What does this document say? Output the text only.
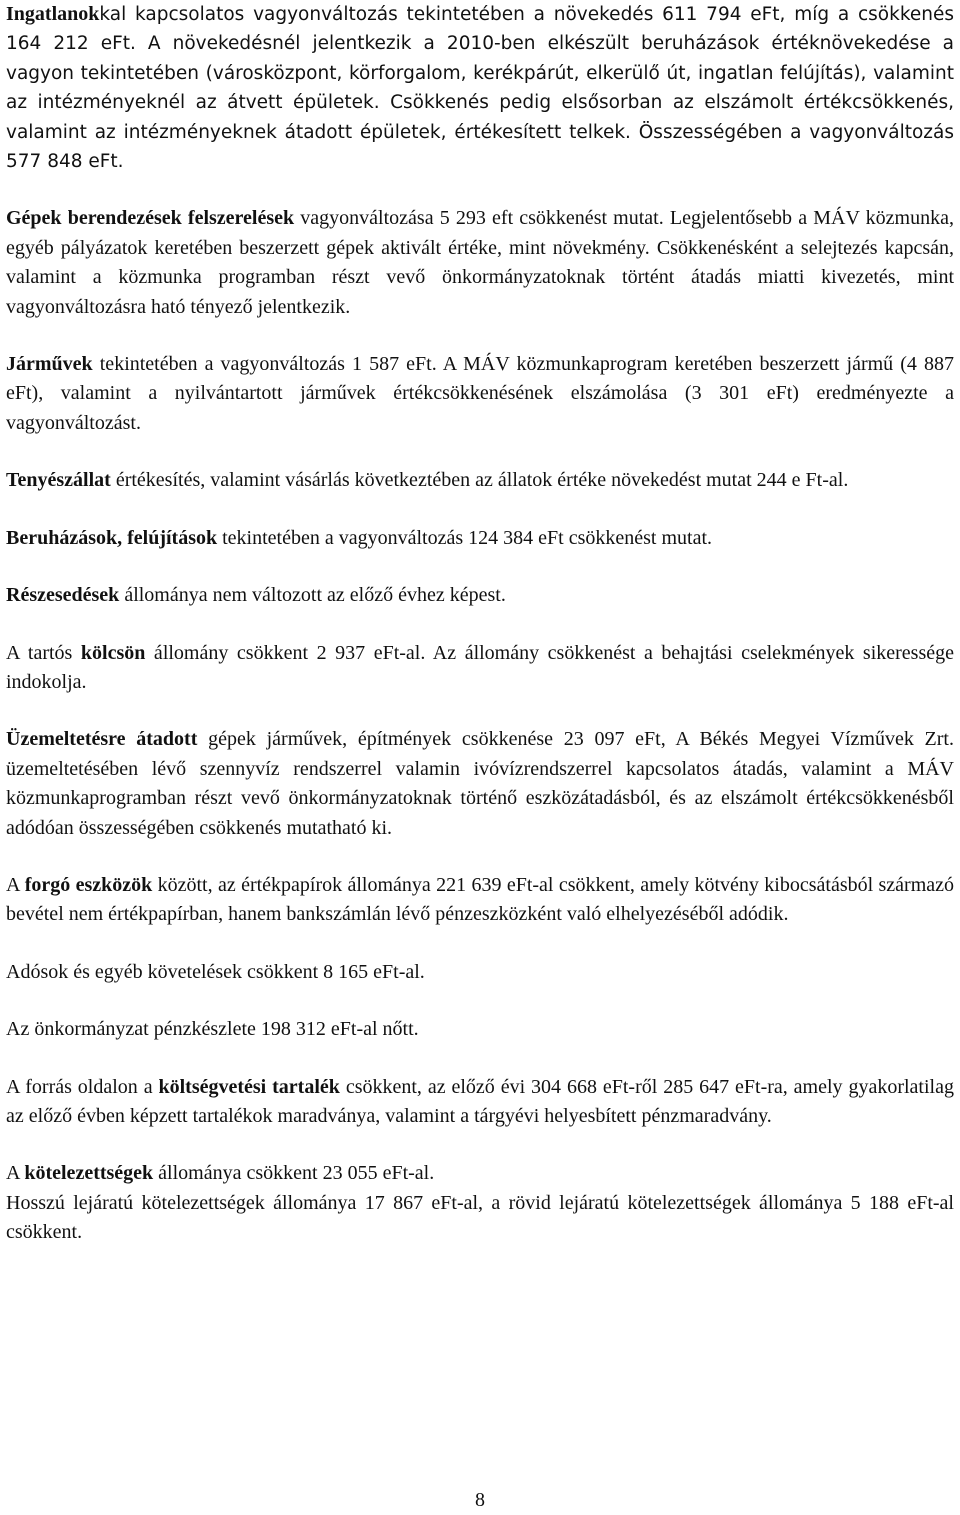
Ingatlanokkal kapcsolatos vagyonváltozás tekintetében a növekedés 611 794 eFt, míg a csökkenés 164 212 eFt. A növekedésnél jelentkezik a 2010-ben elkészült beruházások értéknövekedése a vagyon tekintetében (városközpont, körforgalom, kerékpárút, elkerülő út, ingatlan felújítás), valamint az intézményeknél az átvett épületek. Csökkenés pedig elsősorban az elszámolt értékcsökkenés, valamint az intézményeknek átadott épületek, értékesített telkek. Összességében a vagyonváltozás 577 848 eFt.

Gépek berendezések felszerelések vagyonváltozása 5 293 eft csökkenést mutat. Legjelentősebb a MÁV közmunka, egyéb pályázatok keretében beszerzett gépek aktivált értéke, mint növekmény. Csökkenésként a selejtezés kapcsán, valamint a közmunka programban részt vevő önkormányzatoknak történt átadás miatti kivezetés, mint vagyonváltozásra ható tényező jelentkezik.

Járművek tekintetében a vagyonváltozás 1 587 eFt. A MÁV közmunkaprogram keretében beszerzett jármű (4 887 eFt), valamint a nyilvántartott járművek értékcsökkenésének elszámolása (3 301 eFt) eredményezte a vagyonváltozást.

Tenyészállat értékesítés, valamint vásárlás következtében az állatok értéke növekedést mutat 244 e Ft-al.

Beruházások, felújítások tekintetében a vagyonváltozás 124 384 eFt csökkenést mutat.

Részesedések állománya nem változott az előző évhez képest.

A tartós kölcsön állomány csökkent 2 937 eFt-al. Az állomány csökkenést a behajtási cselekmények sikeressége indokolja.

Üzemeltetésre átadott gépek járművek, építmények csökkenése 23 097 eFt, A Békés Megyei Vízművek Zrt. üzemeltetésében lévő szennyvíz rendszerrel valamin ivóvízrendszerrel kapcsolatos átadás, valamint a MÁV közmunkaprogramban részt vevő önkormányzatoknak történő eszközátadásból, és az elszámolt értékcsökkenésből adódóan összességében csökkenés mutatható ki.

A forgó eszközök között, az értékpapírok állománya 221 639 eFt-al csökkent, amely kötvény kibocsátásból származó bevétel nem értékpapírban, hanem bankszámlán lévő pénzeszközként való elhelyezéséből adódik.

Adósok és egyéb követelések csökkent 8 165 eFt-al.

Az önkormányzat pénzkészlete 198 312 eFt-al nőtt.

A forrás oldalon a költségvetési tartalék csökkent, az előző évi 304 668 eFt-ről 285 647 eFt-ra, amely gyakorlatilag az előző évben képzett tartalékok maradványa, valamint a tárgyévi helyesbített pénzmaradvány.

A kötelezettségek állománya csökkent 23 055 eFt-al.

Hosszú lejáratú kötelezettségek állománya 17 867 eFt-al, a rövid lejáratú kötelezettségek állománya 5 188 eFt-al csökkent.

8
